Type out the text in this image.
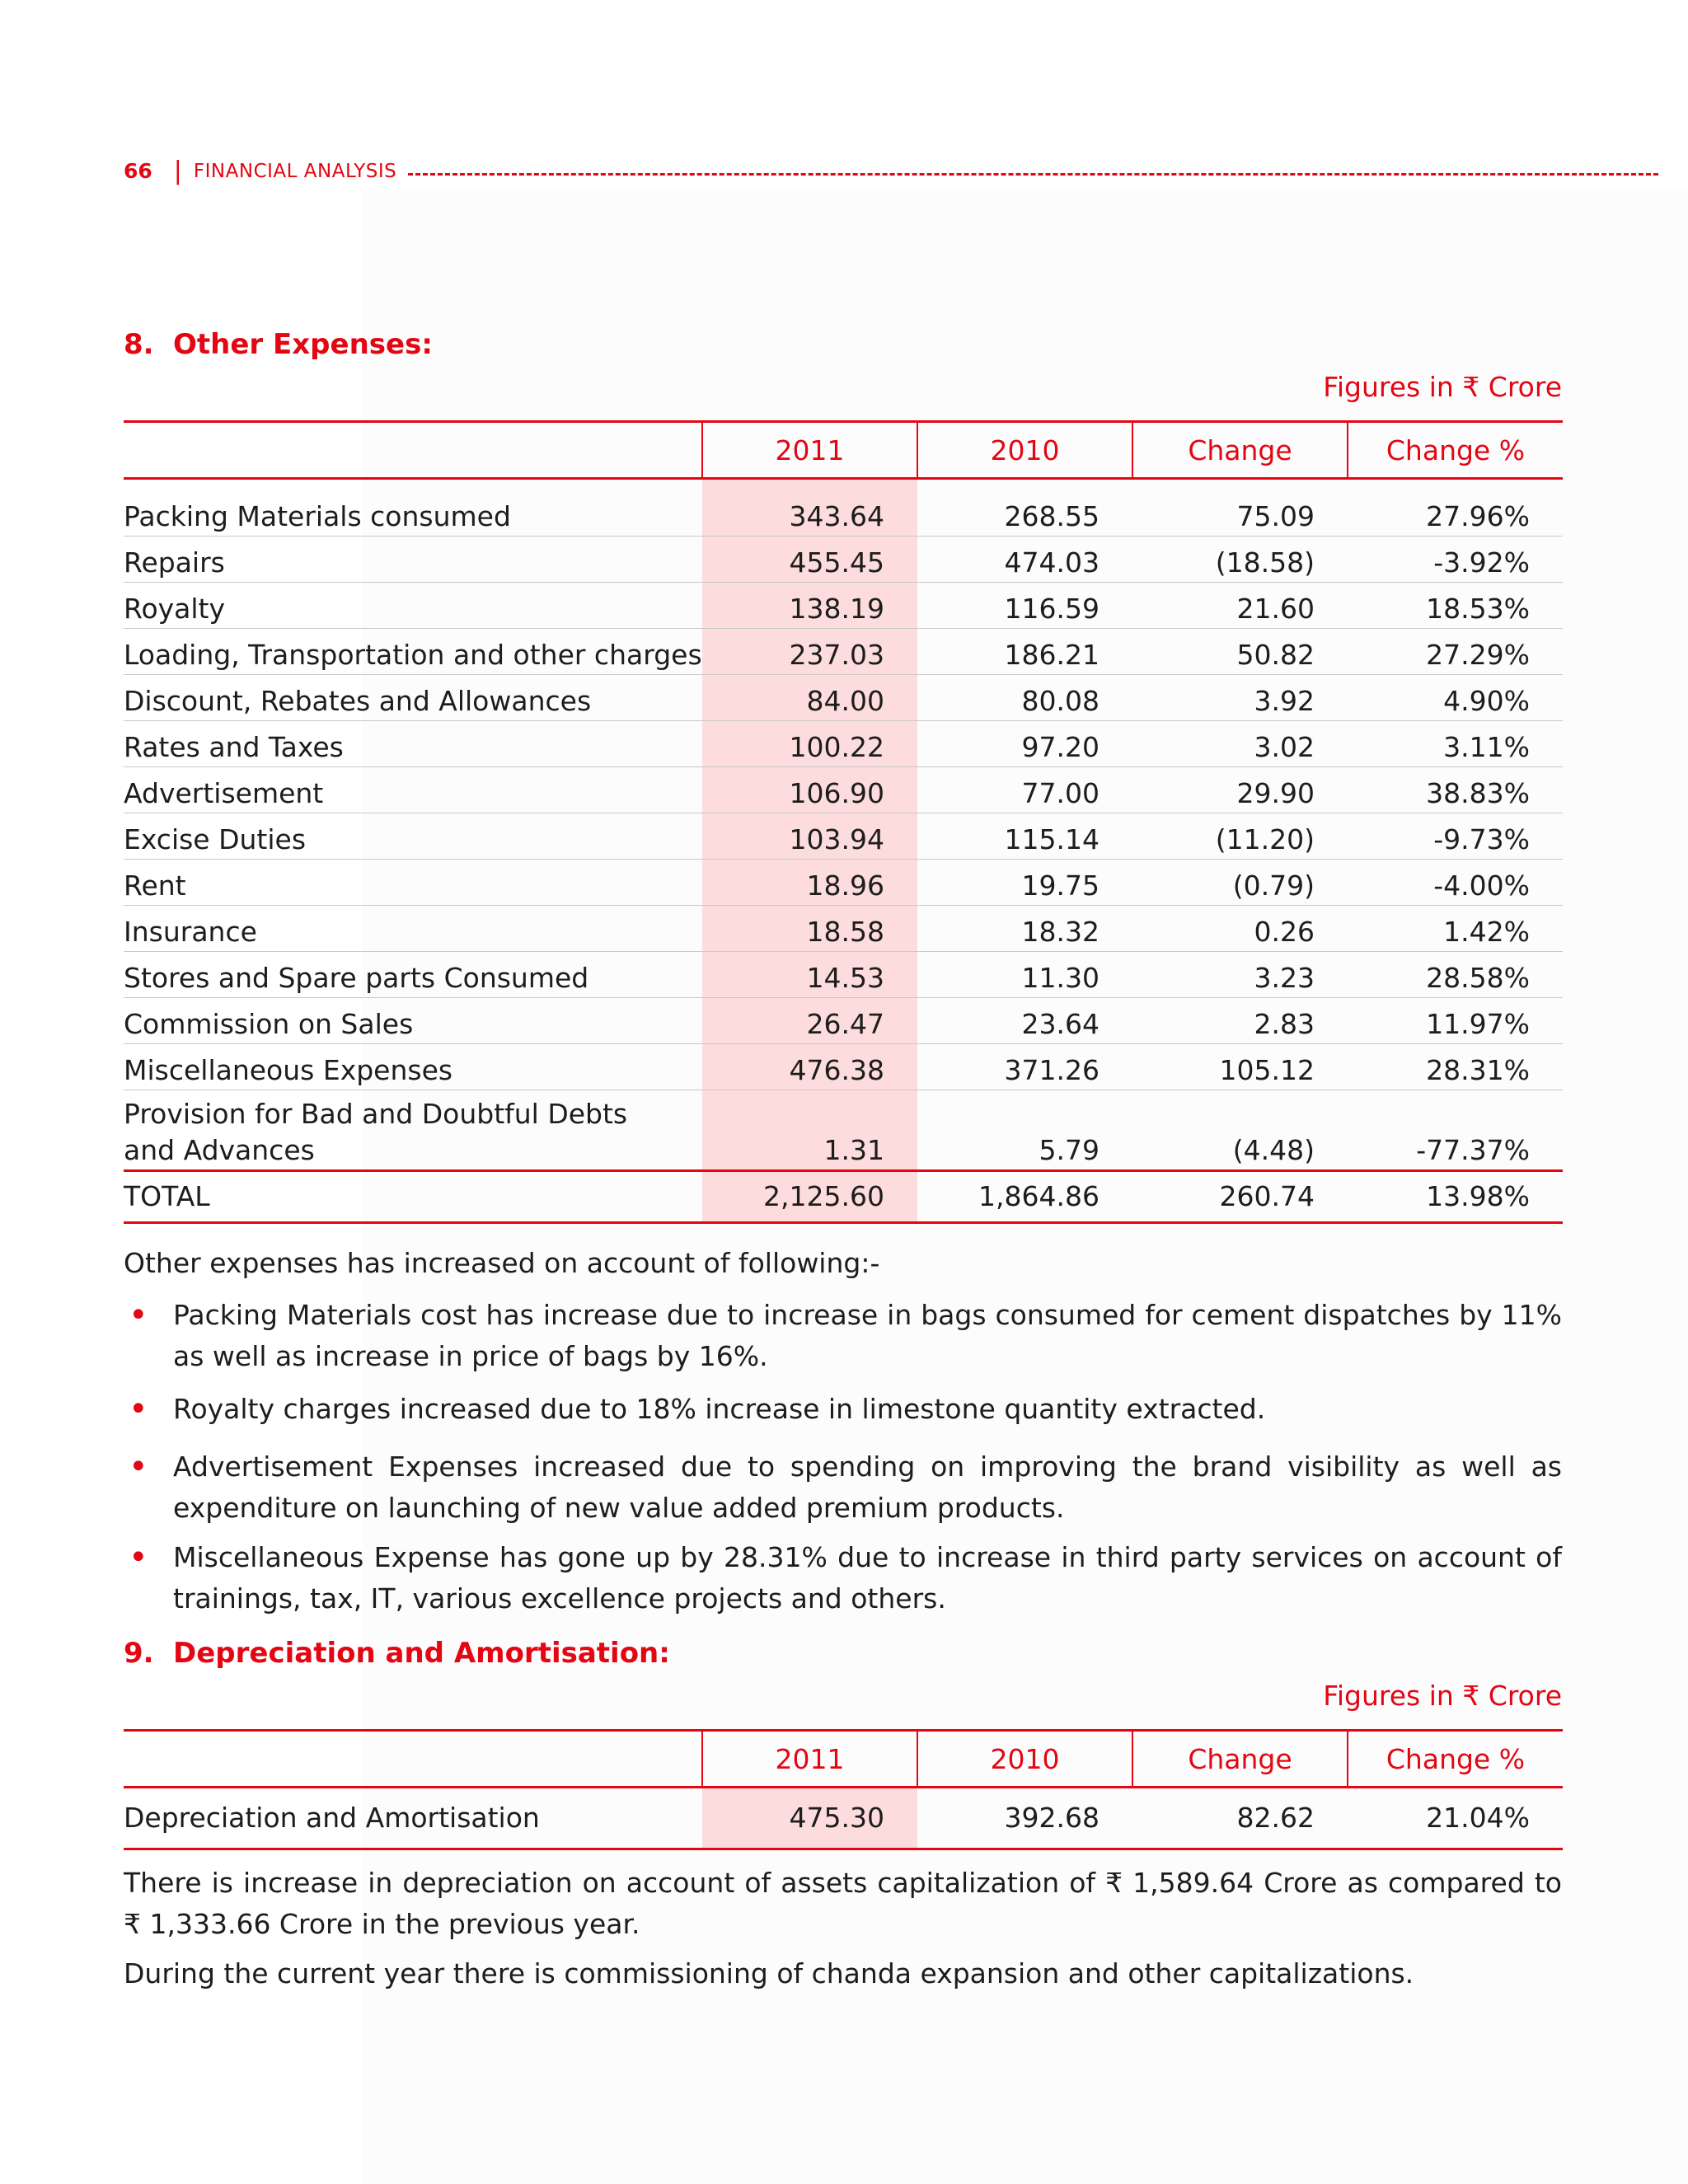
66 | FINANCIAL ANALYSIS
8. Other Expenses:
Figures in ₹ Crore
	2011	2010	Change	Change %
Packing Materials consumed	343.64	268.55	75.09	27.96%
Repairs	455.45	474.03	(18.58)	-3.92%
Royalty	138.19	116.59	21.60	18.53%
Loading, Transportation and other charges	237.03	186.21	50.82	27.29%
Discount, Rebates and Allowances	84.00	80.08	3.92	4.90%
Rates and Taxes	100.22	97.20	3.02	3.11%
Advertisement	106.90	77.00	29.90	38.83%
Excise Duties	103.94	115.14	(11.20)	-9.73%
Rent	18.96	19.75	(0.79)	-4.00%
Insurance	18.58	18.32	0.26	1.42%
Stores and Spare parts Consumed	14.53	11.30	3.23	28.58%
Commission on Sales	26.47	23.64	2.83	11.97%
Miscellaneous Expenses	476.38	371.26	105.12	28.31%

Provision for Bad and Doubtful Debts
and Advances	1.31	5.79	(4.48)	-77.37%
TOTAL	2,125.60	1,864.86	260.74	13.98%
Other expenses has increased on account of following:-
• Packing Materials cost has increase due to increase in bags consumed for cement dispatches by 11% as well as increase in price of bags by 16%.
• Royalty charges increased due to 18% increase in limestone quantity extracted.
• Advertisement Expenses increased due to spending on improving the brand visibility as well as expenditure on launching of new value added premium products.
• Miscellaneous Expense has gone up by 28.31% due to increase in third party services on account of trainings, tax, IT, various excellence projects and others.
9. Depreciation and Amortisation:
Figures in ₹ Crore
	2011	2010	Change	Change %
Depreciation and Amortisation	475.30	392.68	82.62	21.04%
There is increase in depreciation on account of assets capitalization of ₹ 1,589.64 Crore as compared to ₹ 1,333.66 Crore in the previous year.
During the current year there is commissioning of chanda expansion and other capitalizations.
